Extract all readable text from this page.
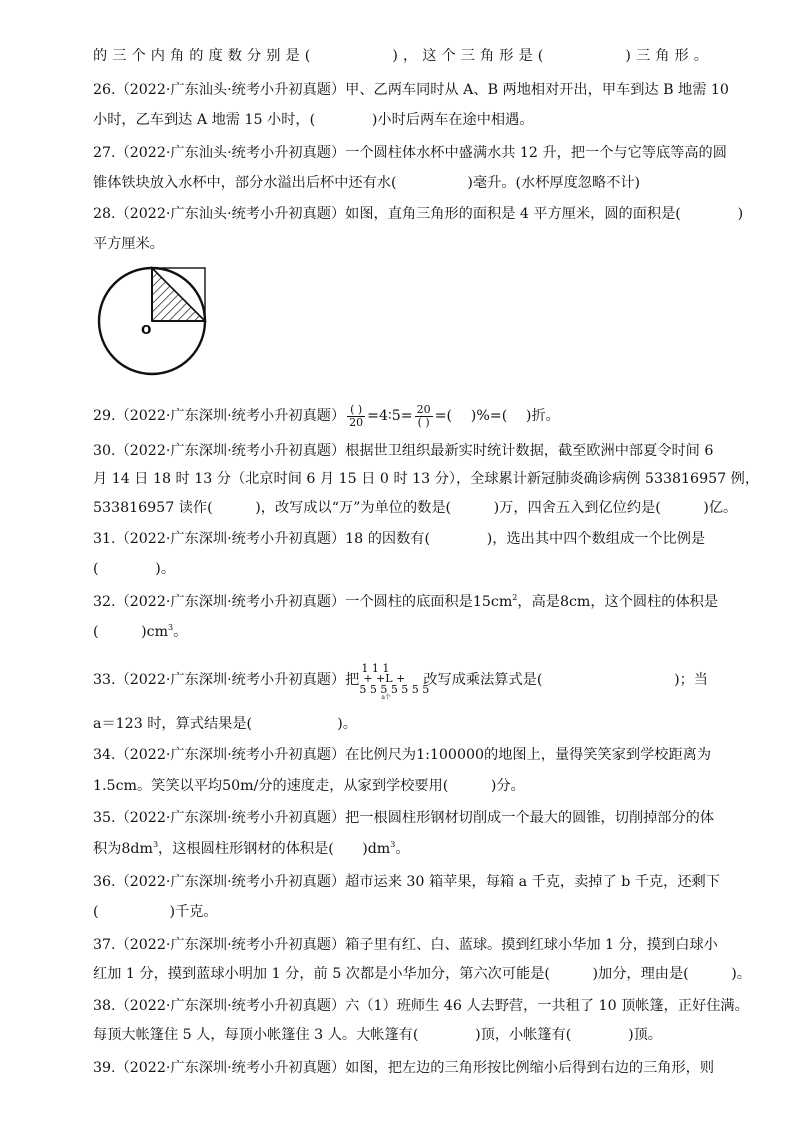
的三个内角的度数分别是(　　　　)，这个三角形是(　　　　)三角形。
26.（2022·广东汕头·统考小升初真题）甲、乙两车同时从 A、B 两地相对开出，甲车到达 B 地需 10
小时，乙车到达 A 地需 15 小时，(　　　　)小时后两车在途中相遇。
27.（2022·广东汕头·统考小升初真题）一个圆柱体水杯中盛满水共 12 升，把一个与它等底等高的圆
锥体铁块放入水杯中，部分水溢出后杯中还有水(　　　　　)毫升。(水杯厚度忽略不计)
28.（2022·广东汕头·统考小升初真题）如图，直角三角形的面积是 4 平方厘米，圆的面积是(　　　　)
平方厘米。
o
29.（2022·广东深圳·统考小升初真题） $\frac{( )}{20}$ =4∶5= $\frac{20}{( )}$ =(　 )%=(　 )折。
30.（2022·广东深圳·统考小升初真题）根据世卫组织最新实时统计数据，截至欧洲中部夏令时间 6
月 14 日 18 时 13 分（北京时间 6 月 15 日 0 时 13 分），全球累计新冠肺炎确诊病例 533816957 例，
533816957 读作(　　　)，改写成以“万”为单位的数是(　　　)万，四舍五入到亿位约是(　　　)亿。
31.（2022·广东深圳·统考小升初真题）18 的因数有(　　　　)，选出其中四个数组成一个比例是
(　　　　)。
32.（2022·广东深圳·统考小升初真题）一个圆柱的底面积是$15cm^2$，高是8cm，这个圆柱的体积是
(　　　)$cm^3$。
33.（2022·广东深圳·统考小升初真题）把
1 1 1
+ +L +
5 5 5 5 5 5 5
a个
改写成乘法算式是(	)；当
a＝123 时，算式结果是(　　　　　　)。
34.（2022·广东深圳·统考小升初真题）在比例尺为1:100000的地图上，量得笑笑家到学校距离为
1.5cm。笑笑以平均50m/分的速度走，从家到学校要用(　　　)分。
35.（2022·广东深圳·统考小升初真题）把一根圆柱形钢材切削成一个最大的圆锥，切削掉部分的体
积为$8dm^3$，这根圆柱形钢材的体积是(　　)$dm^3$。
36.（2022·广东深圳·统考小升初真题）超市运来 30 箱苹果，每箱 a 千克，卖掉了 b 千克，还剩下
(　　　　　)千克。
37.（2022·广东深圳·统考小升初真题）箱子里有红、白、蓝球。摸到红球小华加 1 分，摸到白球小
红加 1 分，摸到蓝球小明加 1 分，前 5 次都是小华加分，第六次可能是(　　　)加分，理由是(　　　)。
38.（2022·广东深圳·统考小升初真题）六（1）班师生 46 人去野营，一共租了 10 顶帐篷，正好住满。
每顶大帐篷住 5 人，每顶小帐篷住 3 人。大帐篷有(　　　　)顶，小帐篷有(　　　　)顶。
39.（2022·广东深圳·统考小升初真题）如图，把左边的三角形按比例缩小后得到右边的三角形，则
